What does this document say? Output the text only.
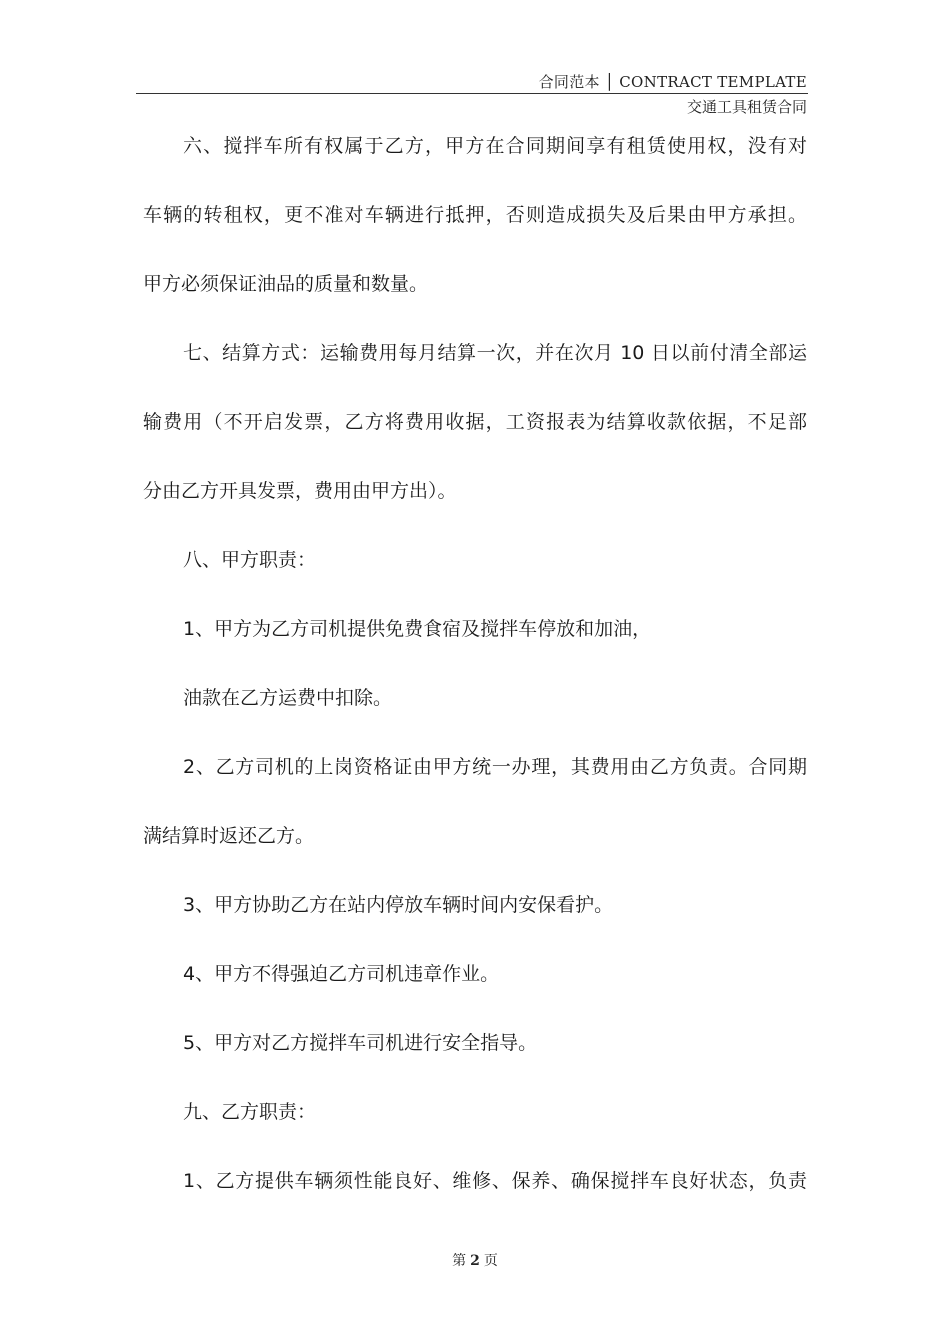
合同范本 │ CONTRACT TEMPLATE
交通工具租赁合同
六、搅拌车所有权属于乙方，甲方在合同期间享有租赁使用权，没有对
车辆的转租权，更不准对车辆进行抵押，否则造成损失及后果由甲方承担。
甲方必须保证油品的质量和数量。
七、结算方式：运输费用每月结算一次，并在次月 10 日以前付清全部运
输费用（不开启发票，乙方将费用收据，工资报表为结算收款依据，不足部
分由乙方开具发票，费用由甲方出）。
八、甲方职责：
1、甲方为乙方司机提供免费食宿及搅拌车停放和加油，
油款在乙方运费中扣除。
2、乙方司机的上岗资格证由甲方统一办理，其费用由乙方负责。合同期
满结算时返还乙方。
3、甲方协助乙方在站内停放车辆时间内安保看护。
4、甲方不得强迫乙方司机违章作业。
5、甲方对乙方搅拌车司机进行安全指导。
九、乙方职责：
1、乙方提供车辆须性能良好、维修、保养、确保搅拌车良好状态，负责
第 2 页
